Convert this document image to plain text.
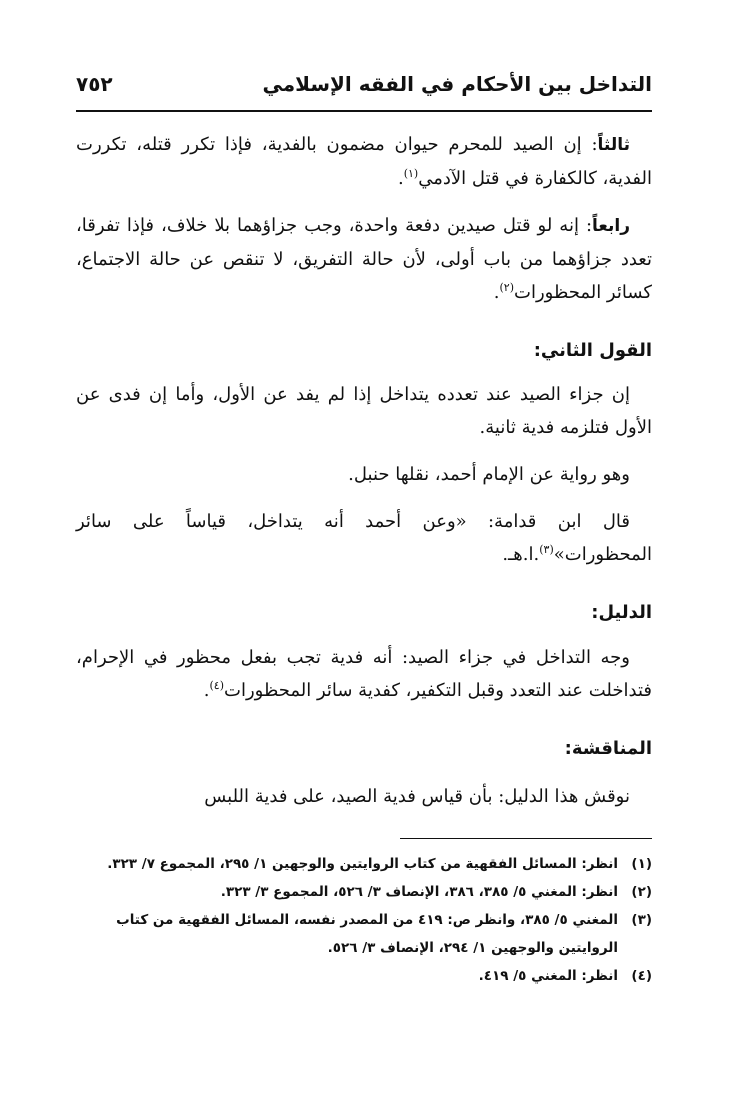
التداخل بين الأحكام في الفقه الإسلامي
٧٥٢

ثالثاً: إن الصيد للمحرم حيوان مضمون بالفدية، فإذا تكرر قتله، تكررت الفدية، كالكفارة في قتل الآدمي$^{(١)}$.

رابعاً: إنه لو قتل صيدين دفعة واحدة، وجب جزاؤهما بلا خلاف، فإذا تفرقا، تعدد جزاؤهما من باب أولى، لأن حالة التفريق، لا تنقص عن حالة الاجتماع، كسائر المحظورات$^{(٢)}$.

القول الثاني:

إن جزاء الصيد عند تعدده يتداخل إذا لم يفد عن الأول، وأما إن فدى عن الأول فتلزمه فدية ثانية.

وهو رواية عن الإمام أحمد، نقلها حنبل.

قال ابن قدامة: «وعن أحمد أنه يتداخل، قياساً على سائر المحظورات»$^{(٣)}$.ا.هـ.

الدليل:

وجه التداخل في جزاء الصيد: أنه فدية تجب بفعل محظور في الإحرام، فتداخلت عند التعدد وقبل التكفير، كفدية سائر المحظورات$^{(٤)}$.

المناقشة:

نوقش هذا الدليل: بأن قياس فدية الصيد، على فدية اللبس

(١)
انظر: المسائل الفقهية من كتاب الروايتين والوجهين ١/ ٢٩٥، المجموع ٧/ ٣٢٣.
(٢)
انظر: المغني ٥/ ٣٨٥، ٣٨٦، الإنصاف ٣/ ٥٢٦، المجموع ٣/ ٣٢٣.
(٣)
المغني ٥/ ٣٨٥، وانظر ص: ٤١٩ من المصدر نفسه، المسائل الفقهية من كتاب الروايتين والوجهين ١/ ٢٩٤، الإنصاف ٣/ ٥٢٦.
(٤)
انظر: المغني ٥/ ٤١٩.
